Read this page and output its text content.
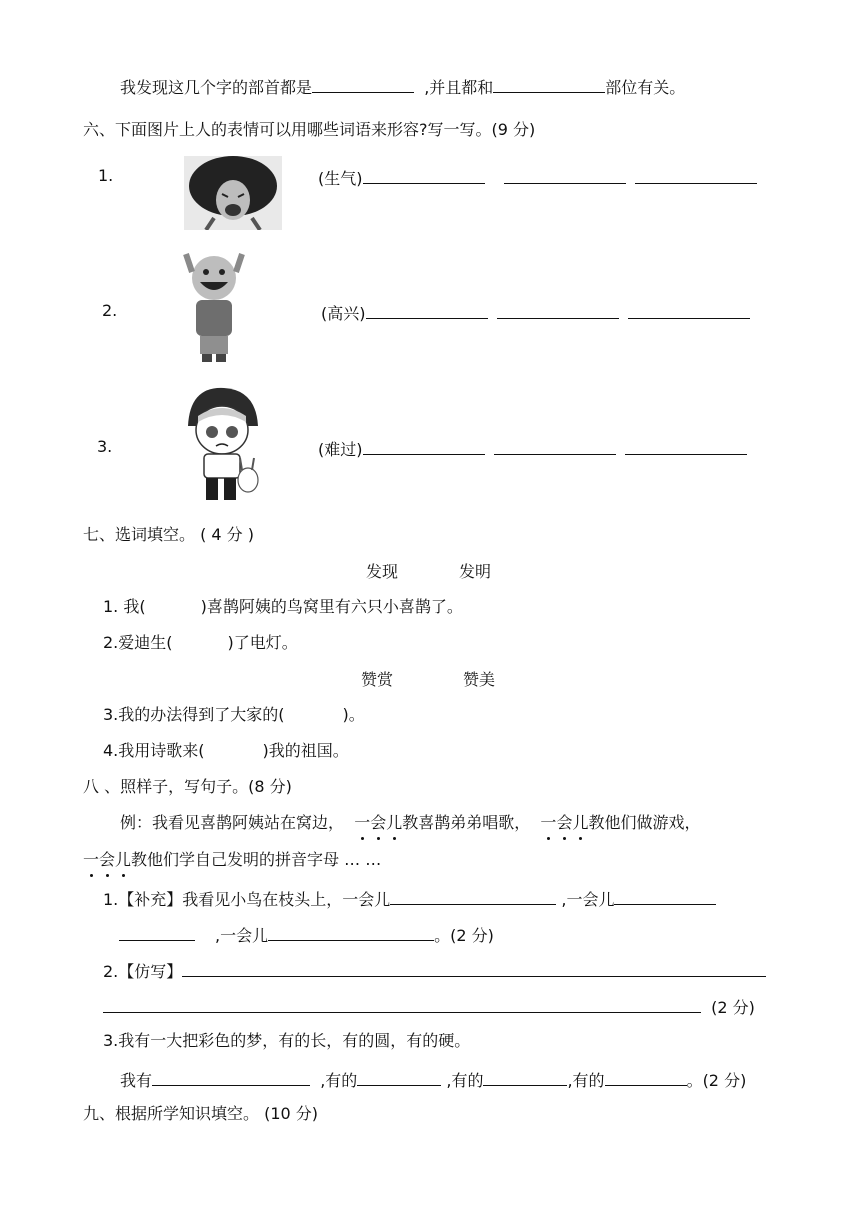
我发现这几个字的部首都是	,并且都和	部位有关。
六、下面图片上人的表情可以用哪些词语来形容?写一写。(9 分)
1.	(生气)
2.	(高兴)
3.	(难过)
七、选词填空。 ( 4 分 )
发现	发明
1. 我(	)喜鹊阿姨的鸟窝里有六只小喜鹊了。
2.爱迪生(	)了电灯。
赞赏	赞美
3.我的办法得到了大家的(	)。
4.我用诗歌来(	)我的祖国。
八 、照样子，写句子。(8 分)
例：我看见喜鹊阿姨站在窝边， 一会儿教喜鹊弟弟唱歌， 一会儿教他们做游戏，
一会儿教他们学自己发明的拼音字母 … …
1.【补充】我看见小鸟在枝头上，一会儿	,一会儿
,一会儿	。(2 分)
2.【仿写】
(2 分)
3.我有一大把彩色的梦，有的长，有的圆，有的硬。
我有	,有的	,有的	,有的	。(2 分)
九、根据所学知识填空。 (10 分)
